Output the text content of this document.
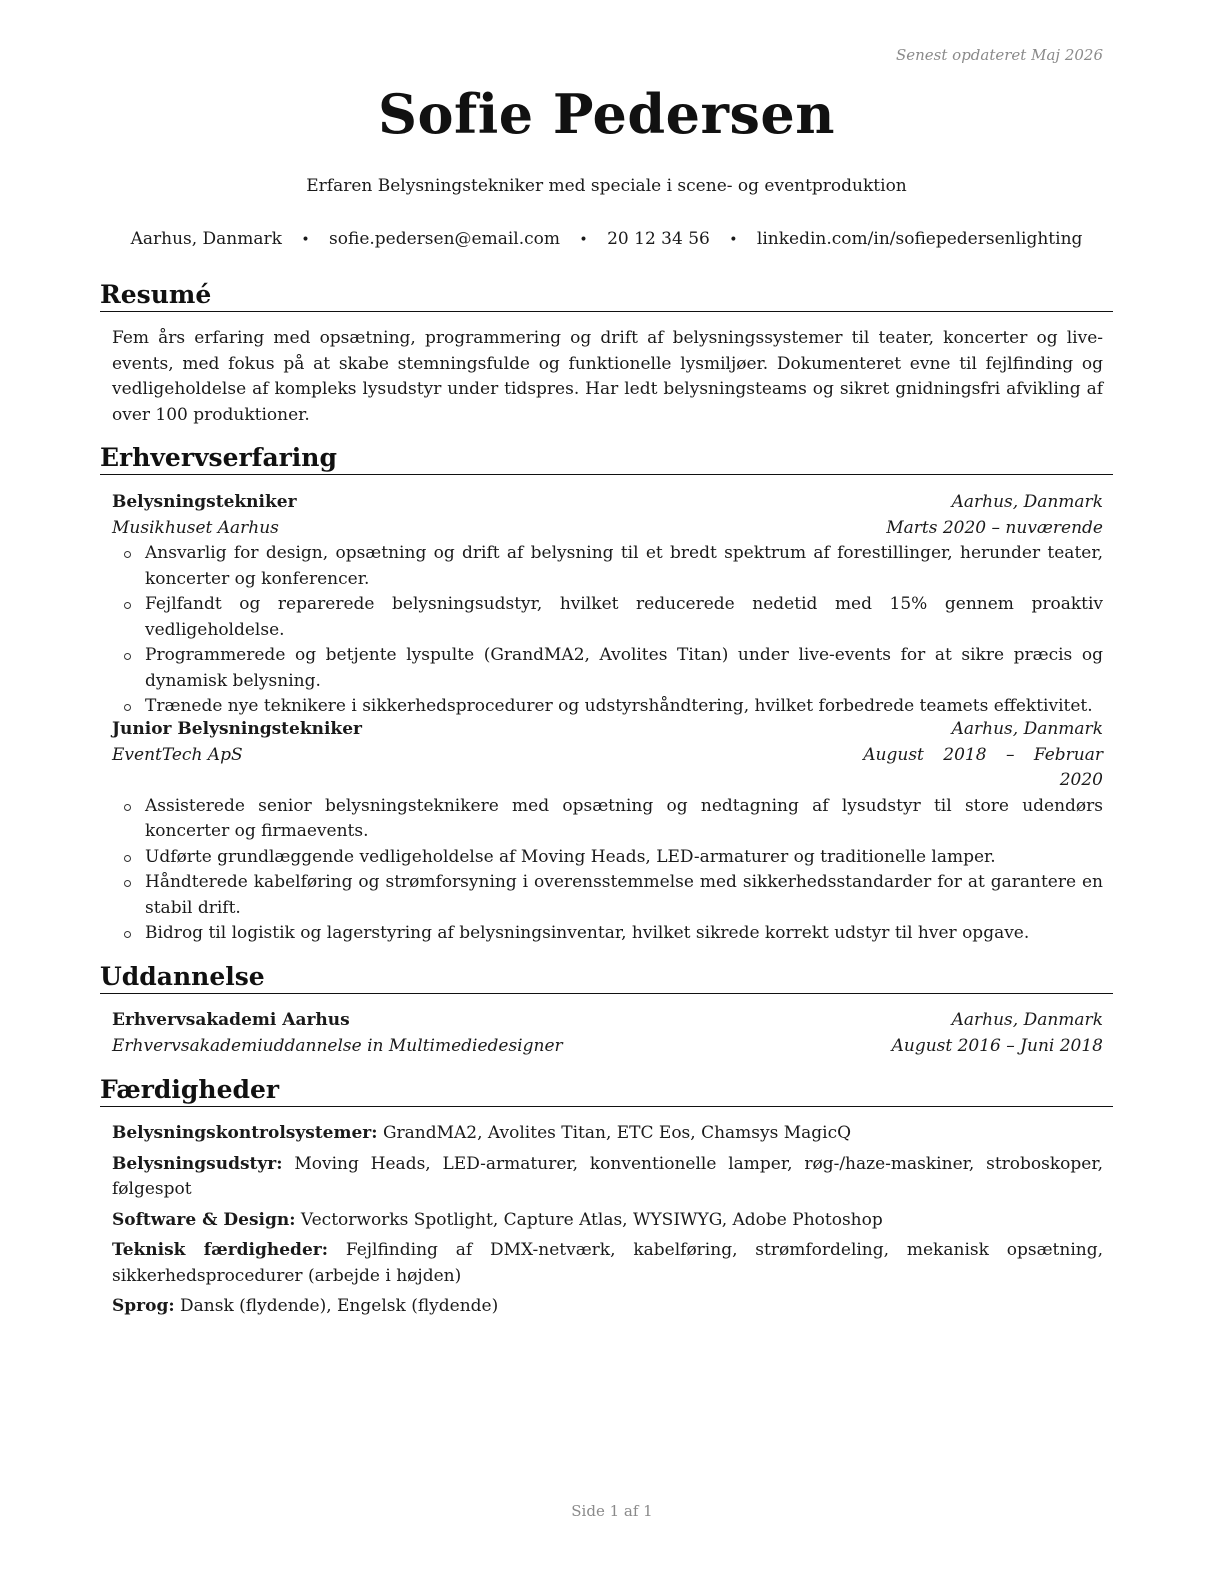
Senest opdateret Maj 2026
Sofie Pedersen
Erfaren Belysningstekniker med speciale i scene- og eventproduktion
Aarhus, Danmark • sofie.pedersen@email.com • 20 12 34 56 • linkedin.com/in/sofiepedersenlighting
Resumé
Fem års erfaring med opsætning, programmering og drift af belysningssystemer til teater, koncerter og live-events, med fokus på at skabe stemningsfulde og funktionelle lysmiljøer. Dokumenteret evne til fejlfinding og vedligeholdelse af kompleks lysudstyr under tidspres. Har ledt belysningsteams og sikret gnidningsfri afvikling af over 100 produktioner.
Erhvervserfaring
Belysningstekniker	Aarhus, Danmark
Musikhuset Aarhus	Marts 2020 – nuværende
Ansvarlig for design, opsætning og drift af belysning til et bredt spektrum af forestillinger, herunder teater, koncerter og konferencer.
Fejlfandt og reparerede belysningsudstyr, hvilket reducerede nedetid med 15% gennem proaktiv vedligeholdelse.
Programmerede og betjente lyspulte (GrandMA2, Avolites Titan) under live-events for at sikre præcis og dynamisk belysning.
Trænede nye teknikere i sikkerhedsprocedurer og udstyrshåndtering, hvilket forbedrede teamets effektivitet.
Junior Belysningstekniker	Aarhus, Danmark
EventTech ApS	August 2018 – Februar
2020
Assisterede senior belysningsteknikere med opsætning og nedtagning af lysudstyr til store udendørs koncerter og firmaevents.
Udførte grundlæggende vedligeholdelse af Moving Heads, LED-armaturer og traditionelle lamper.
Håndterede kabelføring og strømforsyning i overensstemmelse med sikkerhedsstandarder for at garantere en stabil drift.
Bidrog til logistik og lagerstyring af belysningsinventar, hvilket sikrede korrekt udstyr til hver opgave.
Uddannelse
Erhvervsakademi Aarhus	Aarhus, Danmark
Erhvervsakademiuddannelse in Multimediedesigner	August 2016 – Juni 2018
Færdigheder
Belysningskontrolsystemer: GrandMA2, Avolites Titan, ETC Eos, Chamsys MagicQ
Belysningsudstyr: Moving Heads, LED-armaturer, konventionelle lamper, røg-/haze-maskiner, stroboskoper, følgespot
Software & Design: Vectorworks Spotlight, Capture Atlas, WYSIWYG, Adobe Photoshop
Teknisk færdigheder: Fejlfinding af DMX-netværk, kabelføring, strømfordeling, mekanisk opsætning, sikkerhedsprocedurer (arbejde i højden)
Sprog: Dansk (flydende), Engelsk (flydende)
Side 1 af 1
